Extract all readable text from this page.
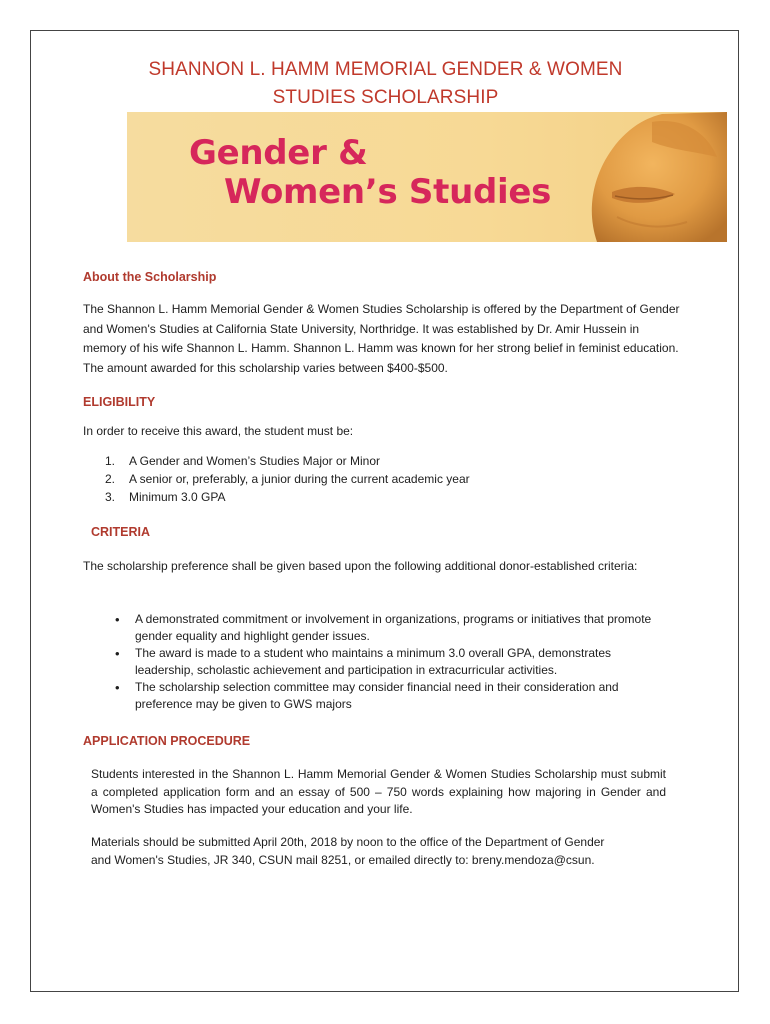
SHANNON L. HAMM MEMORIAL GENDER & WOMEN
STUDIES SCHOLARSHIP
Gender &
Women’s Studies
About the Scholarship
The Shannon L. Hamm Memorial Gender & Women Studies Scholarship is offered by the Department of Gender and Women's Studies at California State University, Northridge. It was established by Dr. Amir Hussein in memory of his wife Shannon L. Hamm. Shannon L. Hamm was known for her strong belief in feminist education. The amount awarded for this scholarship varies between $400-$500.
ELIGIBILITY
In order to receive this award, the student must be:
1. A Gender and Women’s Studies Major or Minor
2. A senior or, preferably, a junior during the current academic year
3. Minimum 3.0 GPA
CRITERIA
The scholarship preference shall be given based upon the following additional donor-established criteria:
• A demonstrated commitment or involvement in organizations, programs or initiatives that promote gender equality and highlight gender issues.
• The award is made to a student who maintains a minimum 3.0 overall GPA, demonstrates leadership, scholastic achievement and participation in extracurricular activities.
• The scholarship selection committee may consider financial need in their consideration and preference may be given to GWS majors
APPLICATION PROCEDURE
Students interested in the Shannon L. Hamm Memorial Gender & Women Studies Scholarship must submit a completed application form and an essay of 500 – 750 words explaining how majoring in Gender and Women's Studies has impacted your education and your life.
Materials should be submitted April 20th, 2018 by noon to the office of the Department of Gender and Women's Studies, JR 340, CSUN mail 8251, or emailed directly to: breny.mendoza@csun.
